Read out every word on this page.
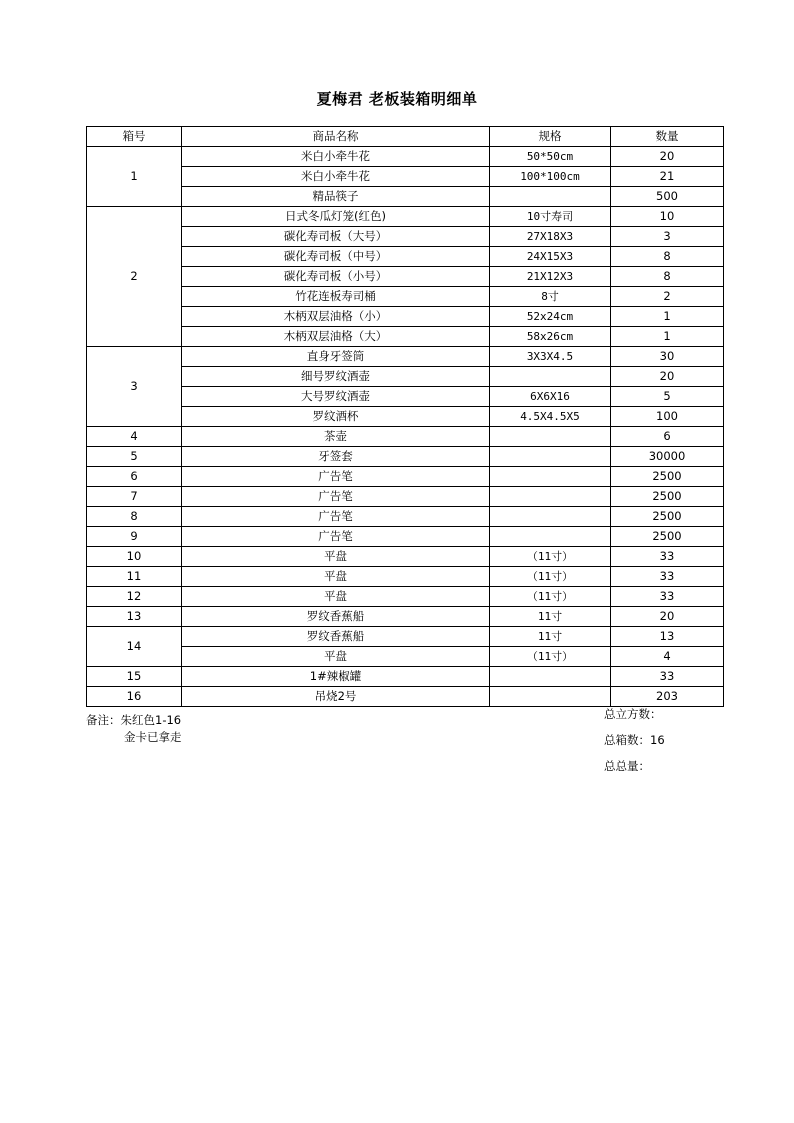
夏梅君 老板装箱明细单
箱号	商品名称	规格	数量
1	米白小牵牛花	50*50cm	20
	米白小牵牛花	100*100cm	21
	精品筷子		500
2	日式冬瓜灯笼(红色)	10寸寿司	10
	碳化寿司板（大号）	27X18X3	3
	碳化寿司板（中号）	24X15X3	8
	碳化寿司板（小号）	21X12X3	8
	竹花连板寿司桶	8寸	2
	木柄双层油格（小）	52x24cm	1
	木柄双层油格（大）	58x26cm	1
3	直身牙签筒	3X3X4.5	30
	细号罗纹酒壶		20
	大号罗纹酒壶	6X6X16	5
	罗纹酒杯	4.5X4.5X5	100
4	茶壶		6
5	牙签套		30000
6	广告笔		2500
7	广告笔		2500
8	广告笔		2500
9	广告笔		2500
10	平盘	（11寸）	33
11	平盘	（11寸）	33
12	平盘	（11寸）	33
13	罗纹香蕉船	11寸	20
14	罗纹香蕉船	11寸	13
	平盘	（11寸）	4
15	1#辣椒罐		33
16	吊烧2号		203
备注：朱红色1-16
金卡已拿走
总立方数：
总箱数：16
总总量：
